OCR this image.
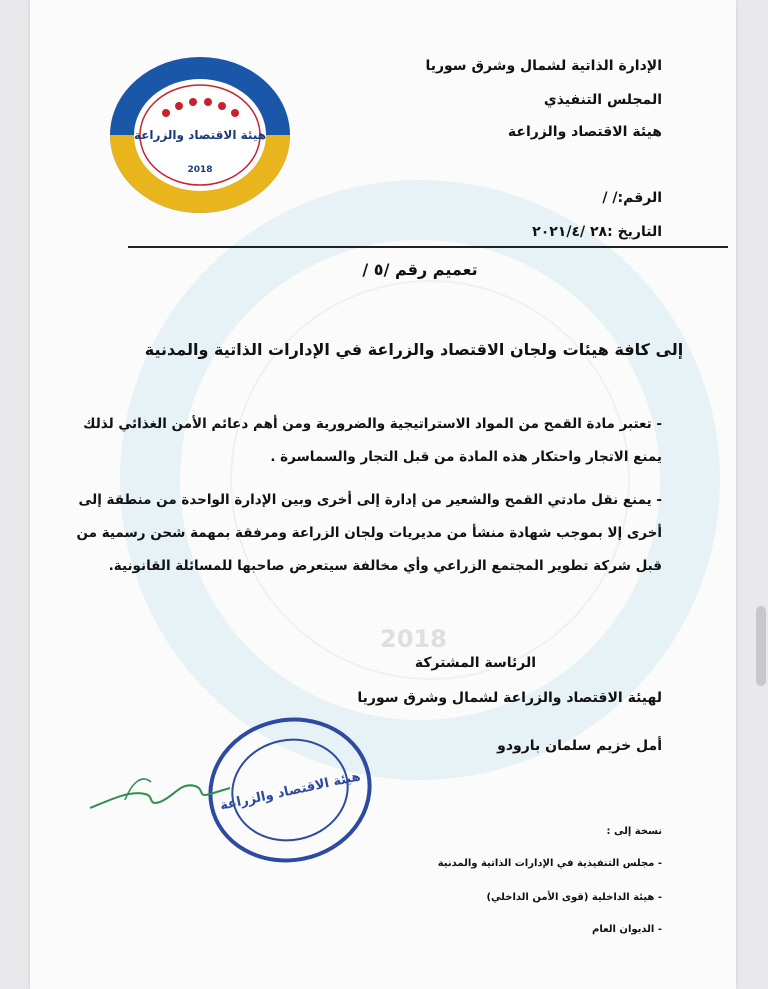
2018
هيئة الاقتصاد والزراعة
2018
الإدارة الذاتية لشمال وشرق سوريا
المجلس التنفيذي
هيئة الاقتصاد والزراعة
الرقم:/ /
التاريخ :٢٨ /٢٠٢١/٤
تعميم رقم /٥ /
إلى كافة هيئات ولجان الاقتصاد والزراعة في الإدارات الذاتية والمدنية
- تعتبر مادة القمح من المواد الاستراتيجية والضرورية ومن أهم دعائم الأمن الغذائي لذلك يمنع الاتجار واحتكار هذه المادة من قبل التجار والسماسرة .
- يمنع نقل مادتي القمح والشعير من إدارة إلى أخرى وبين الإدارة الواحدة من منطقة إلى أخرى إلا بموجب شهادة منشأ من مديريات ولجان الزراعة ومرفقة بمهمة شحن رسمية من قبل شركة تطوير المجتمع الزراعي وأي مخالفة سيتعرض صاحبها للمسائلة القانونية.
الرئاسة المشتركة
لهيئة الاقتصاد والزراعة لشمال وشرق سوريا
أمل خزيم سلمان بارودو
هيئة الاقتصاد والزراعة
نسخة إلى :
- مجلس التنفيذية في الإدارات الذاتية والمدنية
- هيئة الداخلية (قوى الأمن الداخلي)
- الديوان العام
